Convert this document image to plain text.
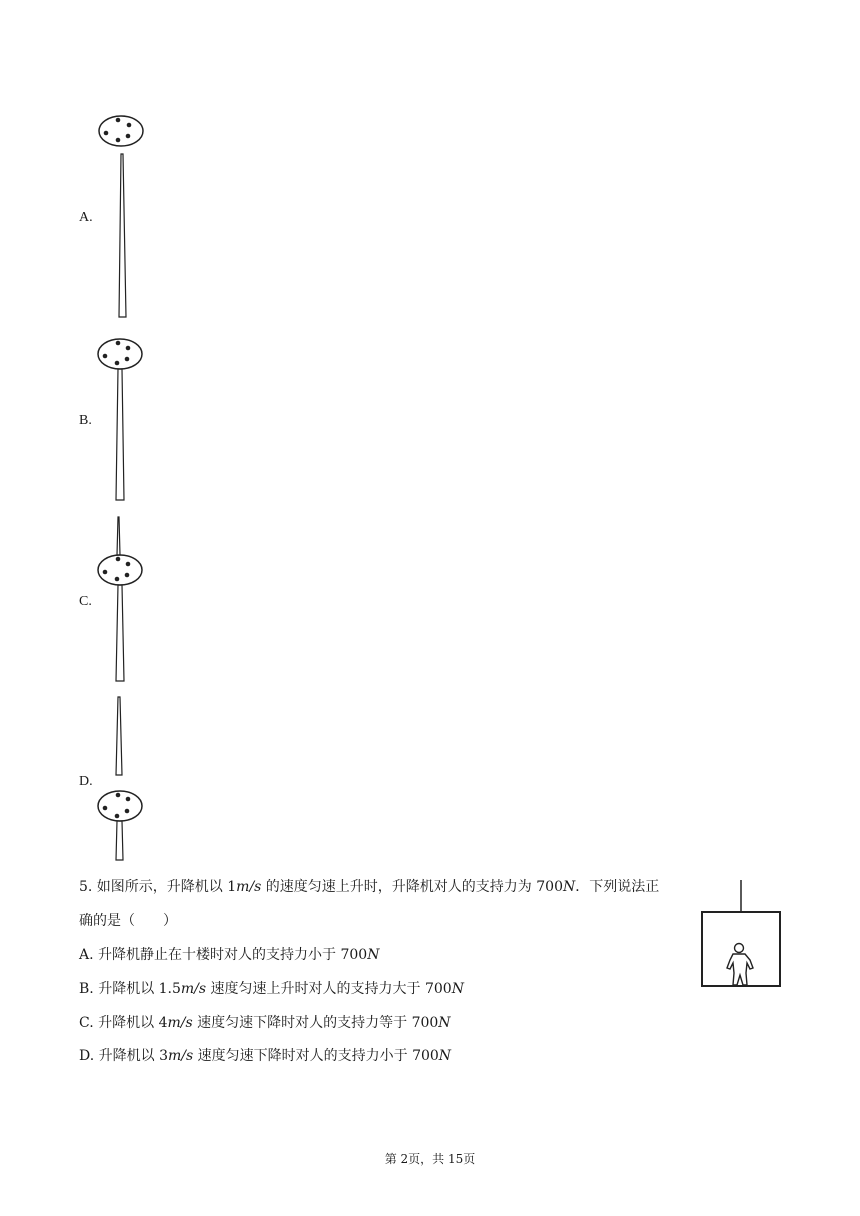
A.
B.
C.
D.
5. 如图所示，升降机以 1m/s 的速度匀速上升时，升降机对人的支持力为 700N．下列说法正
确的是（　　）
A. 升降机静止在十楼时对人的支持力小于 700N
B. 升降机以 1.5m/s 速度匀速上升时对人的支持力大于 700N
C. 升降机以 4m/s 速度匀速下降时对人的支持力等于 700N
D. 升降机以 3m/s 速度匀速下降时对人的支持力小于 700N
第 2页，共 15页
